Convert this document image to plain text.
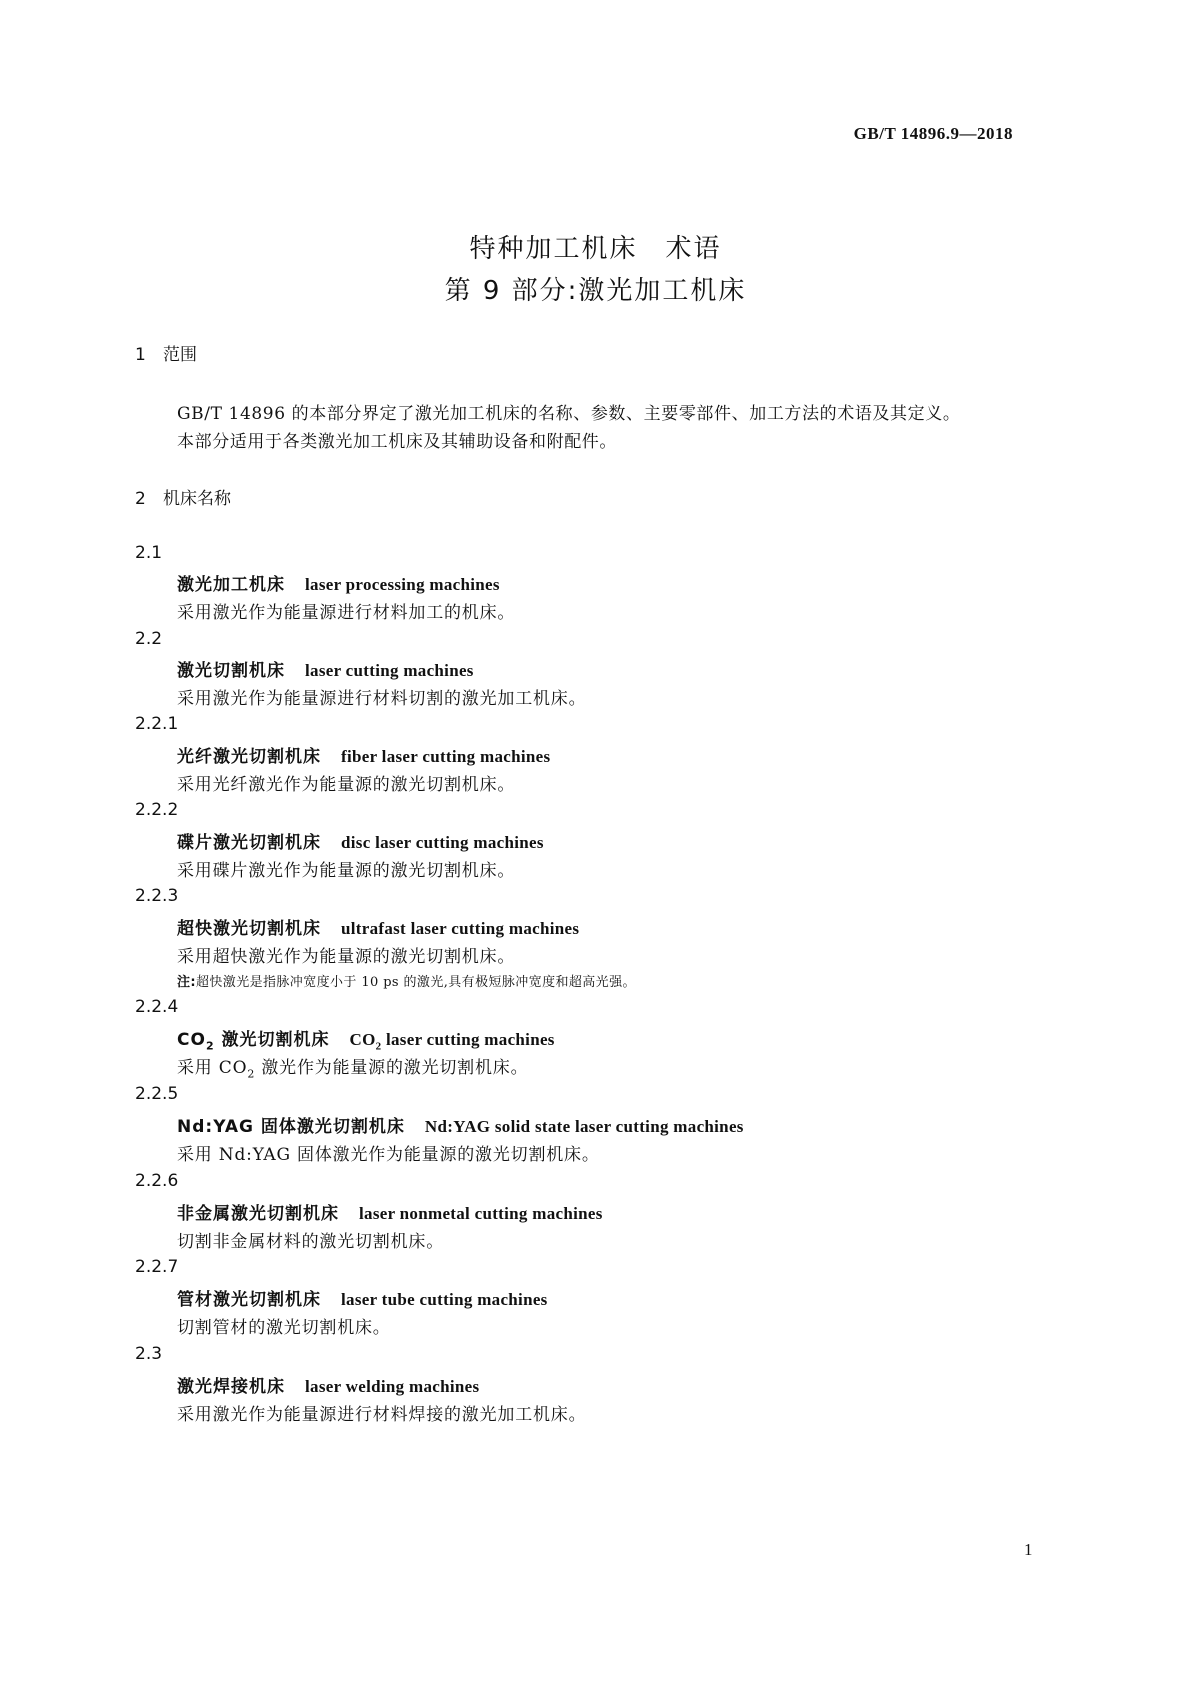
GB/T 14896.9—2018
特种加工机床　术语
第 9 部分:激光加工机床
1 范围
GB/T 14896 的本部分界定了激光加工机床的名称、参数、主要零部件、加工方法的术语及其定义。
本部分适用于各类激光加工机床及其辅助设备和附配件。
2 机床名称
2.1
激光加工机床 laser processing machines
采用激光作为能量源进行材料加工的机床。
2.2
激光切割机床 laser cutting machines
采用激光作为能量源进行材料切割的激光加工机床。
2.2.1
光纤激光切割机床 fiber laser cutting machines
采用光纤激光作为能量源的激光切割机床。
2.2.2
碟片激光切割机床 disc laser cutting machines
采用碟片激光作为能量源的激光切割机床。
2.2.3
超快激光切割机床 ultrafast laser cutting machines
采用超快激光作为能量源的激光切割机床。
注:超快激光是指脉冲宽度小于 10 ps 的激光,具有极短脉冲宽度和超高光强。
2.2.4
$CO_2$ 激光切割机床 $CO_2$ laser cutting machines
采用 $CO_2$ 激光作为能量源的激光切割机床。
2.2.5
Nd:YAG 固体激光切割机床 Nd:YAG solid state laser cutting machines
采用 Nd:YAG 固体激光作为能量源的激光切割机床。
2.2.6
非金属激光切割机床 laser nonmetal cutting machines
切割非金属材料的激光切割机床。
2.2.7
管材激光切割机床 laser tube cutting machines
切割管材的激光切割机床。
2.3
激光焊接机床 laser welding machines
采用激光作为能量源进行材料焊接的激光加工机床。
1
